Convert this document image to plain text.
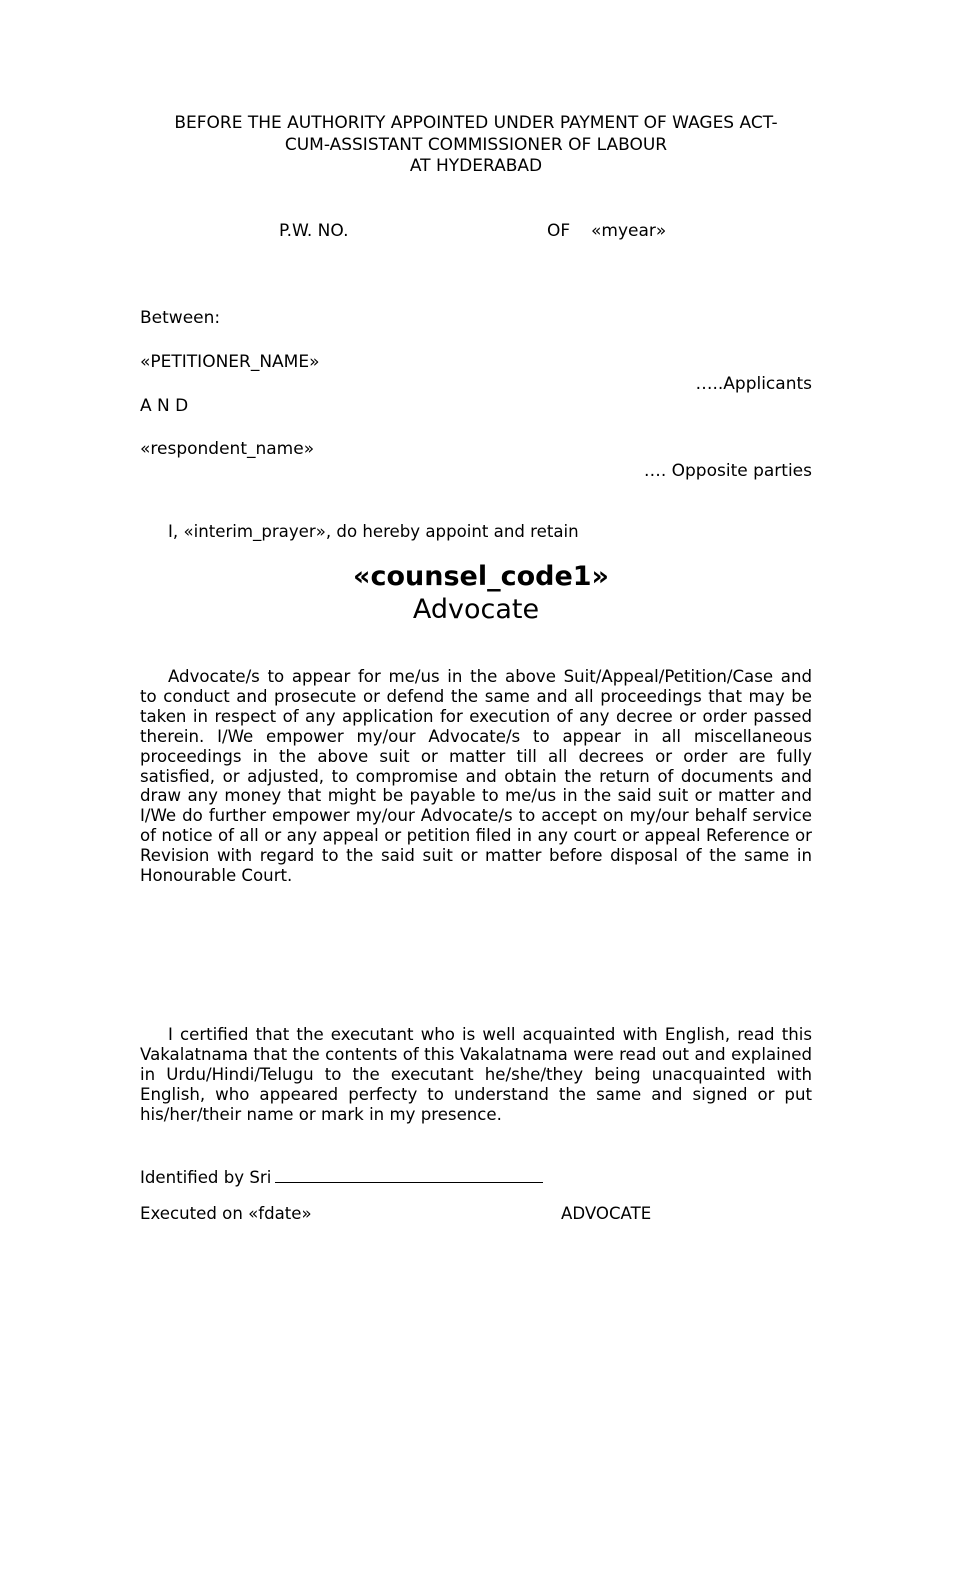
BEFORE THE AUTHORITY APPOINTED UNDER PAYMENT OF WAGES ACT-
CUM-ASSISTANT COMMISSIONER OF LABOUR
AT HYDERABAD
P.W. NO.	OF «myear»
Between:
«PETITIONER_NAME»
…..Applicants
A N D
«respondent_name»
…. Opposite parties
I, «interim_prayer», do hereby appoint and retain
«counsel_code1»
Advocate
Advocate/s to appear for me/us in the above Suit/Appeal/Petition/Case and to conduct and prosecute or defend the same and all proceedings that may be taken in respect of any application for execution of any decree or order passed therein. I/We empower my/our Advocate/s to appear in all miscellaneous proceedings in the above suit or matter till all decrees or order are fully satisfied, or adjusted, to compromise and obtain the return of documents and draw any money that might be payable to me/us in the said suit or matter and I/We do further empower my/our Advocate/s to accept on my/our behalf service of notice of all or any appeal or petition filed in any court or appeal Reference or Revision with regard to the said suit or matter before disposal of the same in Honourable Court.
I certified that the executant who is well acquainted with English, read this Vakalatnama that the contents of this Vakalatnama were read out and explained in Urdu/Hindi/Telugu to the executant he/she/they being unacquainted with English, who appeared perfecty to understand the same and signed or put his/her/their name or mark in my presence.
Identified by Sri
Executed on «fdate»	ADVOCATE
